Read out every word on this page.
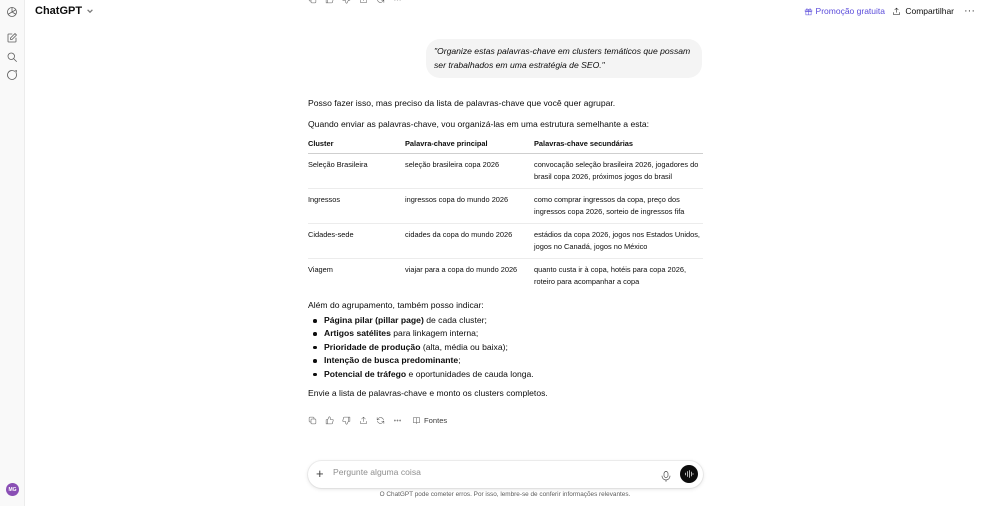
MG
ChatGPT	Promoção gratuita Compartilhar ···
"Organize estas palavras-chave em clusters temáticos que possam ser trabalhados em uma estratégia de SEO."

Posso fazer isso, mas preciso da lista de palavras-chave que você quer agrupar.

Quando enviar as palavras-chave, vou organizá-las em uma estrutura semelhante a esta:

Cluster	Palavra-chave principal	Palavras-chave secundárias
Seleção Brasileira	seleção brasileira copa 2026	convocação seleção brasileira 2026, jogadores do brasil copa 2026, próximos jogos do brasil
Ingressos	ingressos copa do mundo 2026	como comprar ingressos da copa, preço dos ingressos copa 2026, sorteio de ingressos fifa
Cidades-sede	cidades da copa do mundo 2026	estádios da copa 2026, jogos nos Estados Unidos, jogos no Canadá, jogos no México
Viagem	viajar para a copa do mundo 2026	quanto custa ir à copa, hotéis para copa 2026, roteiro para acompanhar a copa

Além do agrupamento, também posso indicar:

Página pilar (pillar page) de cada cluster;
Artigos satélites para linkagem interna;
Prioridade de produção (alta, média ou baixa);
Intenção de busca predominante;
Potencial de tráfego e oportunidades de cauda longa.

Envie a lista de palavras-chave e monto os clusters completos.

Fontes
+
Pergunte alguma coisa
O ChatGPT pode cometer erros. Por isso, lembre-se de conferir informações relevantes.
